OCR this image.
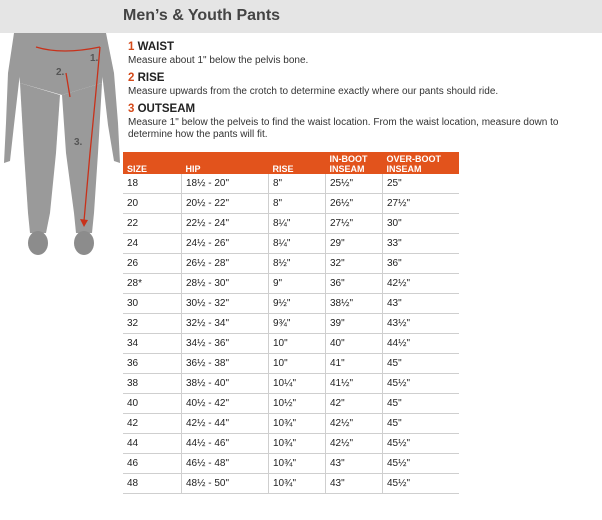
Men’s & Youth Pants
1.
2.
3.

1 WAIST

Measure about 1" below the pelvis bone.

2 RISE

Measure upwards from the crotch to determine exactly where our pants should ride.

3 OUTSEAM

Measure 1" below the pelveis to find the waist location. From the waist location, measure down to determine how the pants will fit.

SIZE	HIP	RISE	IN-BOOT INSEAM	OVER-BOOT INSEAM
18	18½ - 20"	8"	25½"	25"
20	20½ - 22"	8"	26½"	27½"
22	22½ - 24"	8¼"	27½"	30"
24	24½ - 26"	8¼"	29"	33"
26	26½ - 28"	8½"	32"	36"
28*	28½ - 30"	9"	36"	42½"
30	30½ - 32"	9½"	38½"	43"
32	32½ - 34"	9¾"	39"	43½"
34	34½ - 36"	10"	40"	44½"
36	36½ - 38"	10"	41"	45"
38	38½ - 40"	10¼"	41½"	45½"
40	40½ - 42"	10½"	42"	45"
42	42½ - 44"	10¾"	42½"	45"
44	44½ - 46"	10¾"	42½"	45½"
46	46½ - 48"	10¾"	43"	45½"
48	48½ - 50"	10¾"	43"	45½"
